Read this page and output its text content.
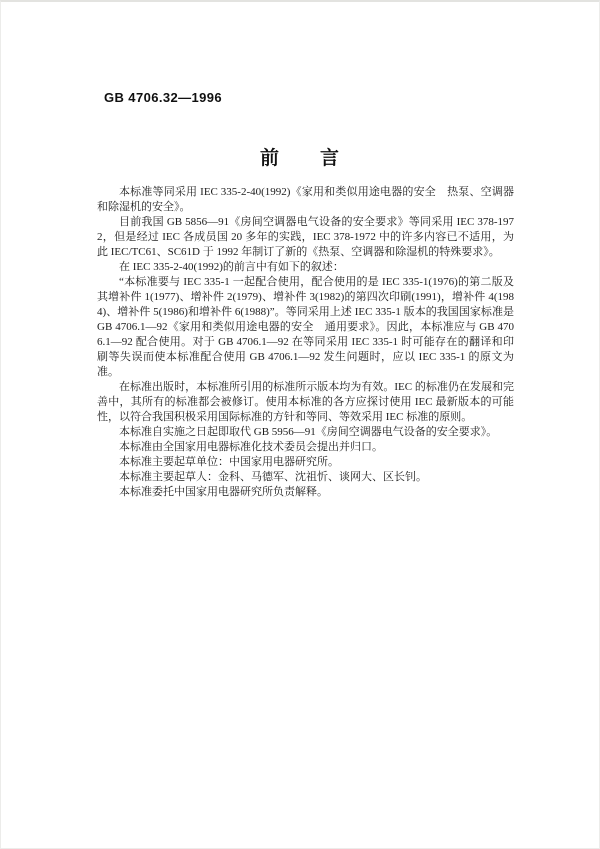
GB 4706.32—1996
前　　言

本标准等同采用 IEC 335-2-40(1992)《家用和类似用途电器的安全　热泵、空调器和除湿机的安全》。

目前我国 GB 5856—91《房间空调器电气设备的安全要求》等同采用 IEC 378-1972，但是经过 IEC 各成员国 20 多年的实践，IEC 378-1972 中的许多内容已不适用，为此 IEC/TC61、SC61D 于 1992 年制订了新的《热泵、空调器和除湿机的特殊要求》。

在 IEC 335-2-40(1992)的前言中有如下的叙述：

“本标准要与 IEC 335-1 一起配合使用，配合使用的是 IEC 335-1(1976)的第二版及其增补件 1(1977)、增补件 2(1979)、增补件 3(1982)的第四次印刷(1991)，增补件 4(1984)、增补件 5(1986)和增补件 6(1988)”。等同采用上述 IEC 335-1 版本的我国国家标准是 GB 4706.1—92《家用和类似用途电器的安全　通用要求》。因此，本标准应与 GB 4706.1—92 配合使用。对于 GB 4706.1—92 在等同采用 IEC 335-1 时可能存在的翻译和印刷等失误而使本标准配合使用 GB 4706.1—92 发生问题时，应以 IEC 335-1 的原文为准。

在标准出版时，本标准所引用的标准所示版本均为有效。IEC 的标准仍在发展和完善中，其所有的标准都会被修订。使用本标准的各方应探讨使用 IEC 最新版本的可能性，以符合我国积极采用国际标准的方针和等同、等效采用 IEC 标准的原则。

本标准自实施之日起即取代 GB 5956—91《房间空调器电气设备的安全要求》。

本标准由全国家用电器标准化技术委员会提出并归口。

本标准主要起草单位：中国家用电器研究所。

本标准主要起草人：金科、马德军、沈祖忻、谈网大、区长钊。

本标准委托中国家用电器研究所负责解释。
